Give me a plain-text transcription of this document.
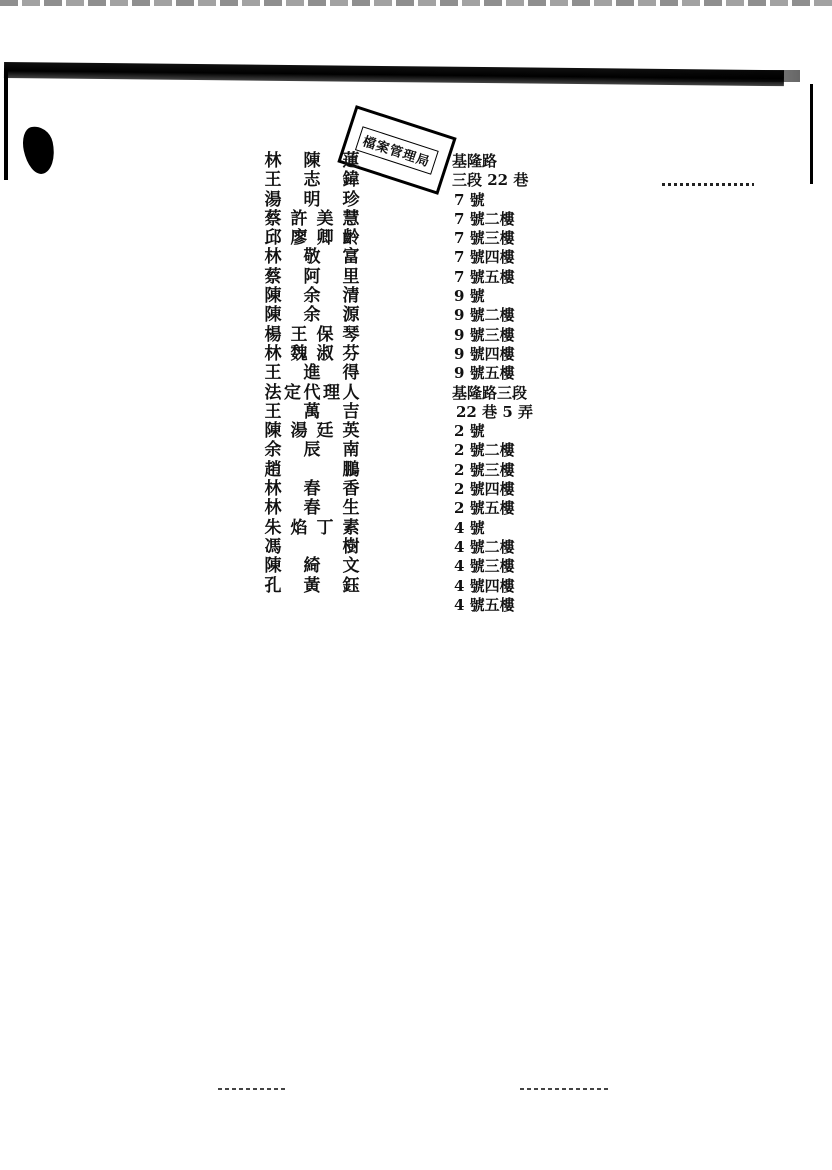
檔案管理局
林 陳 蓮
王 志 鍏
湯 明 珍
蔡 許 美 慧
邱 廖 卿 齡
林 敬 富
蔡 阿 里
陳 余 清
陳 余 源
楊 王 保 琴
林 魏 淑 芬
王 進 得
法 定 代 理 人
王 萬 吉
陳 湯 廷 英
余 辰 南
趙	鵬
林 春 香
林 春 生
朱 焰 丁 素
馮	樹
陳 綺 文
孔 黃 鈺
基隆路
三段 22 巷
7 號
7 號二樓
7 號三樓
7 號四樓
7 號五樓
9 號
9 號二樓
9 號三樓
9 號四樓
9 號五樓
基隆路三段
22 巷 5 弄
2 號
2 號二樓
2 號三樓
2 號四樓
2 號五樓
4 號
4 號二樓
4 號三樓
4 號四樓
4 號五樓
